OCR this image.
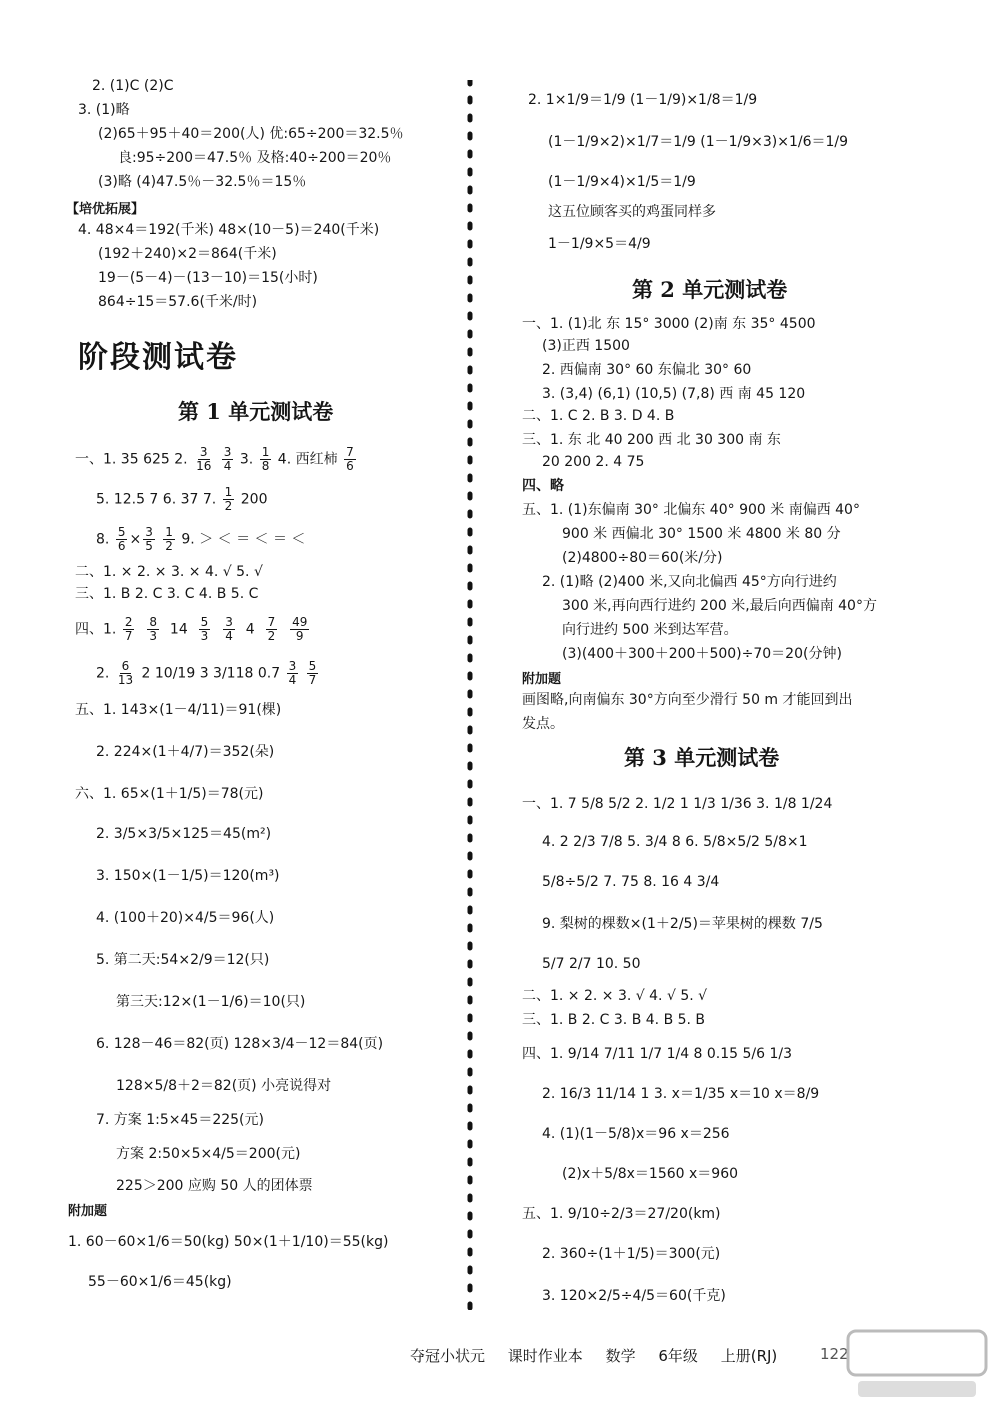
2. (1)C (2)C
3. (1)略
(2)65＋95＋40＝200(人) 优:65÷200＝32.5％
良:95÷200＝47.5％ 及格:40÷200＝20％
(3)略 (4)47.5％－32.5％＝15％
【培优拓展】
4. 48×4＝192(千米) 48×(10－5)＝240(千米)
(192＋240)×2＝864(千米)
19－(5－4)－(13－10)＝15(小时)
864÷15＝57.6(千米/时)
阶段测试卷
第 1 单元测试卷
一、1. 35 625 2. $\frac{3}{16}$
$\frac{3}{4} 3$. $\frac{1}{8} 4$. 西红柿 $\frac{7}{6}$
5. 12.5 7 6. 37 7. $\frac{1}{2} 200$
8. $\frac{5}{6} \times \frac{3}{5}$
$\frac{1}{2} 9$. ＞ ＜ ＝ ＜ ＝ ＜
二、1. × 2. × 3. × 4. √ 5. √
三、1. B 2. C 3. C 4. B 5. C
四、1. $\frac{2}{7}$
$\frac{8}{3} 14 \frac{5}{3}$
$\frac{3}{4} 4 \frac{7}{2}$
$\frac{49}{9}$
2. $\frac{6}{13} 2$ 10/19 3 3/118 $0.7 \frac{3}{4}$
$\frac{5}{7}$
五、1. 143×(1－4/11)＝91(棵)
2. 224×(1＋4/7)＝352(朵)
六、1. 65×(1＋1/5)＝78(元)
2. 3/5×3/5×125＝45(m²)
3. 150×(1－1/5)＝120(m³)
4. (100＋20)×4/5＝96(人)
5. 第二天:54×2/9＝12(只)
第三天:12×(1－1/6)＝10(只)
6. 128－46＝82(页) 128×3/4－12＝84(页)
128×5/8＋2＝82(页) 小亮说得对
7. 方案 1:5×45＝225(元)
方案 2:50×5×4/5＝200(元)
225＞200 应购 50 人的团体票
附加题
1. 60－60×1/6＝50(kg) 50×(1＋1/10)＝55(kg)
55－60×1/6＝45(kg)
2. 1×1/9＝1/9 (1－1/9)×1/8＝1/9
(1－1/9×2)×1/7＝1/9 (1－1/9×3)×1/6＝1/9
(1－1/9×4)×1/5＝1/9
这五位顾客买的鸡蛋同样多
1－1/9×5＝4/9
第 2 单元测试卷
一、1. (1)北 东 15° 3000 (2)南 东 35° 4500
(3)正西 1500
2. 西偏南 30° 60 东偏北 30° 60
3. (3,4) (6,1) (10,5) (7,8) 西 南 45 120
二、1. C 2. B 3. D 4. B
三、1. 东 北 40 200 西 北 30 300 南 东
20 200 2. 4 75
四、略
五、1. (1)东偏南 30° 北偏东 40° 900 米 南偏西 40°
900 米 西偏北 30° 1500 米 4800 米 80 分
(2)4800÷80＝60(米/分)
2. (1)略 (2)400 米,又向北偏西 45°方向行进约
300 米,再向西行进约 200 米,最后向西偏南 40°方
向行进约 500 米到达军营。
(3)(400＋300＋200＋500)÷70＝20(分钟)
附加题
画图略,向南偏东 30°方向至少滑行 50 m 才能回到出
发点。
第 3 单元测试卷
一、1. 7 5/8 5/2 2. 1/2 1 1/3 1/36 3. 1/8 1/24
4. 2 2/3 7/8 5. 3/4 8 6. 5/8×5/2 5/8×1
5/8÷5/2 7. 75 8. 16 4 3/4
9. 梨树的棵数×(1＋2/5)＝苹果树的棵数 7/5
5/7 2/7 10. 50
二、1. × 2. × 3. √ 4. √ 5. √
三、1. B 2. C 3. B 4. B 5. B
四、1. 9/14 7/11 1/7 1/4 8 0.15 5/6 1/3
2. 16/3 11/14 1 3. x＝1/35 x＝10 x＝8/9
4. (1)(1－5/8)x＝96 x＝256
(2)x＋5/8x＝1560 x＝960
五、1. 9/10÷2/3＝27/20(km)
2. 360÷(1＋1/5)＝300(元)
3. 120×2/5÷4/5＝60(千克)
夺冠小状元 课时作业本 数学 6年级 上册(RJ)	122
